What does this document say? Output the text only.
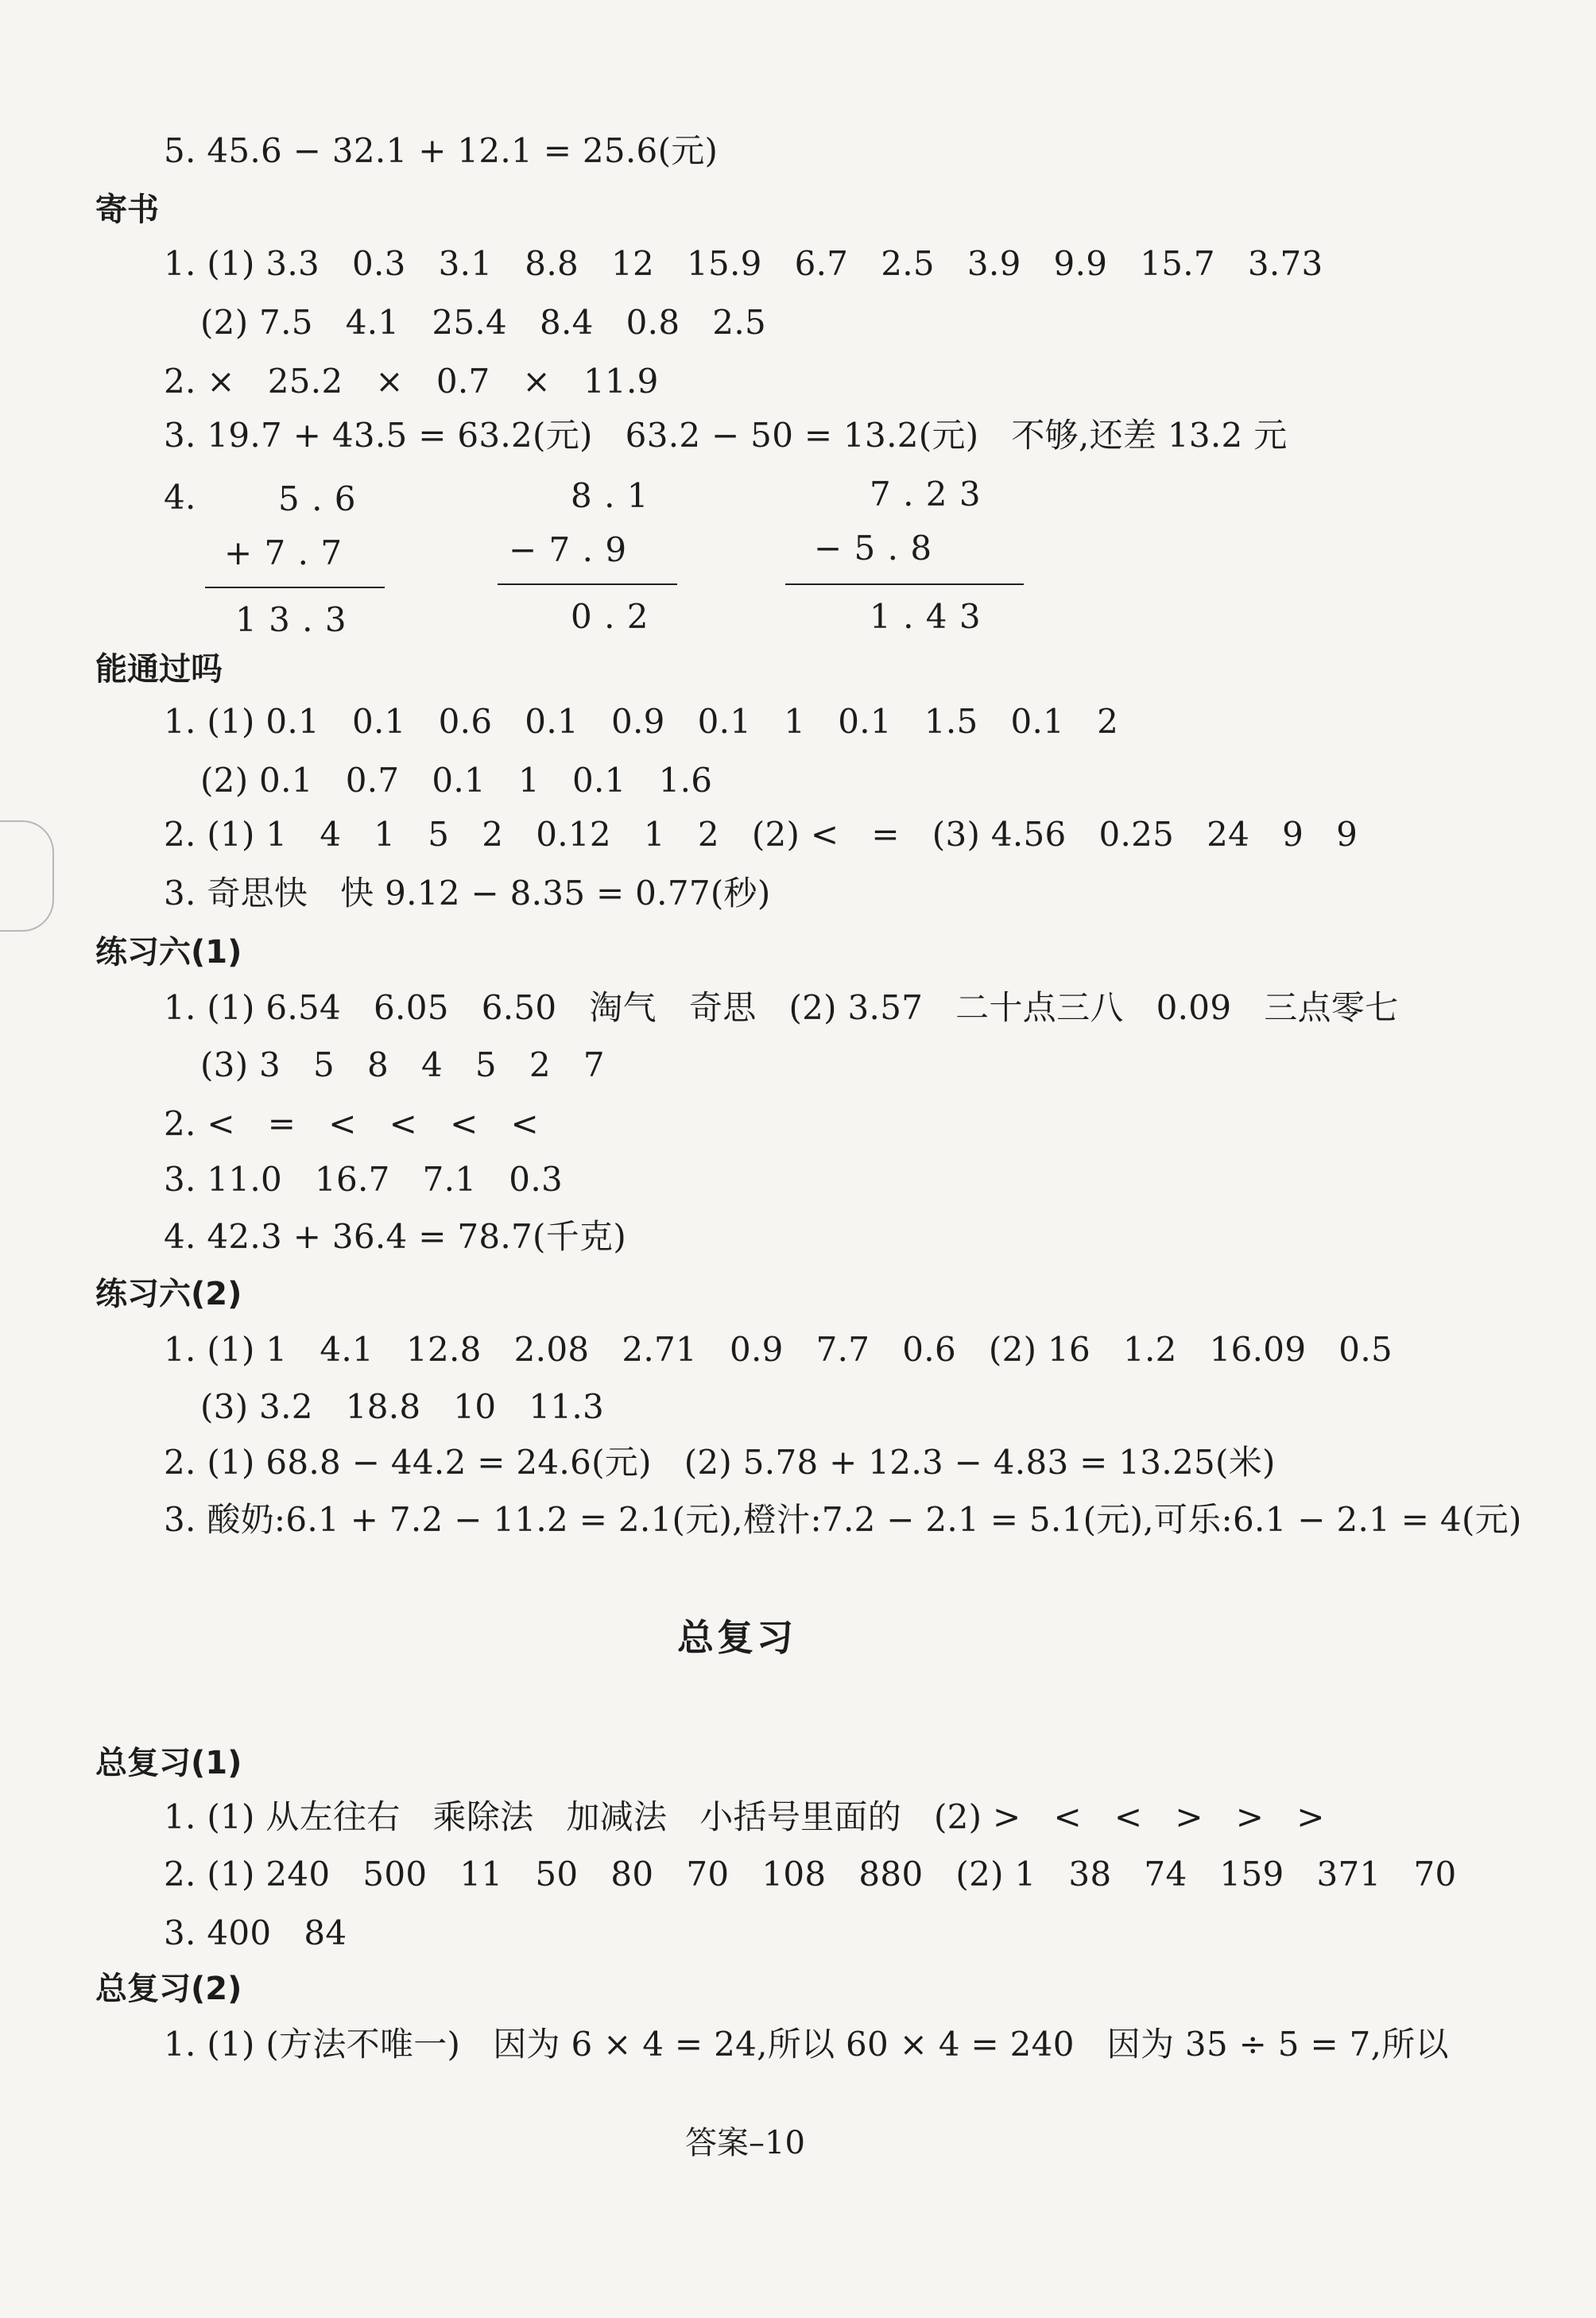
5. 45.6 − 32.1 + 12.1 = 25.6(元)
寄书
1. (1) 3.3   0.3   3.1   8.8   12   15.9   6.7   2.5   3.9   9.9   15.7   3.73
(2) 7.5   4.1   25.4   8.4   0.8   2.5
2. ×   25.2   ×   0.7   ×   11.9
3. 19.7 + 43.5 = 63.2(元)   63.2 − 50 = 13.2(元)   不够,还差 13.2 元
4. 5 . 6
+ 7 . 7
1 3 . 3
8 . 1
− 7 . 9
0 . 2
7 . 2 3
− 5 . 8
1 . 4 3
能通过吗
1. (1) 0.1   0.1   0.6   0.1   0.9   0.1   1   0.1   1.5   0.1   2
(2) 0.1   0.7   0.1   1   0.1   1.6
2. (1) 1   4   1   5   2   0.12   1   2   (2) <   =   (3) 4.56   0.25   24   9   9
3. 奇思快   快 9.12 − 8.35 = 0.77(秒)
练习六(1)
1. (1) 6.54   6.05   6.50   淘气   奇思   (2) 3.57   二十点三八   0.09   三点零七
(3) 3   5   8   4   5   2   7
2. <   =   <   <   <   <
3. 11.0   16.7   7.1   0.3
4. 42.3 + 36.4 = 78.7(千克)
练习六(2)
1. (1) 1   4.1   12.8   2.08   2.71   0.9   7.7   0.6   (2) 16   1.2   16.09   0.5
(3) 3.2   18.8   10   11.3
2. (1) 68.8 − 44.2 = 24.6(元)   (2) 5.78 + 12.3 − 4.83 = 13.25(米)
3. 酸奶:6.1 + 7.2 − 11.2 = 2.1(元),橙汁:7.2 − 2.1 = 5.1(元),可乐:6.1 − 2.1 = 4(元)
总复习
总复习(1)
1. (1) 从左往右   乘除法   加减法   小括号里面的   (2) >   <   <   >   >   >
2. (1) 240   500   11   50   80   70   108   880   (2) 1   38   74   159   371   70
3. 400   84
总复习(2)
1. (1) (方法不唯一)   因为 6 × 4 = 24,所以 60 × 4 = 240   因为 35 ÷ 5 = 7,所以
答案–10
